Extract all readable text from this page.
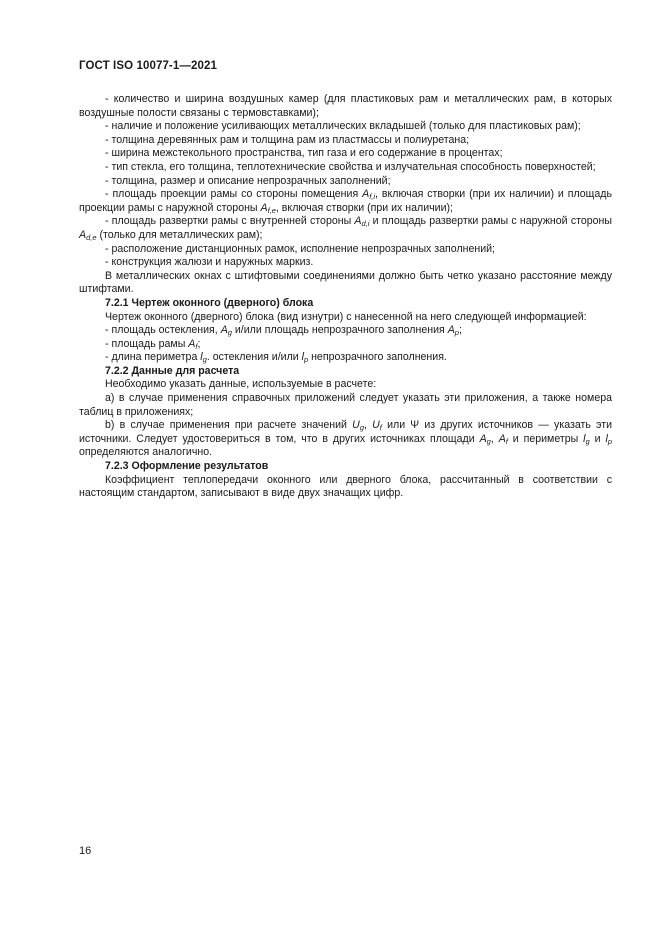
ГОСТ ISO 10077-1—2021

- количество и ширина воздушных камер (для пластиковых рам и металлических рам, в которых воздушные полости связаны с термовставками);

- наличие и положение усиливающих металлических вкладышей (только для пластиковых рам);

- толщина деревянных рам и толщина рам из пластмассы и полиуретана;

- ширина межстекольного пространства, тип газа и его содержание в процентах;

- тип стекла, его толщина, теплотехнические свойства и излучательная способность поверхностей;

- толщина, размер и описание непрозрачных заполнений;

- площадь проекции рамы со стороны помещения $A_{f,i}$, включая створки (при их наличии) и площадь проекции рамы с наружной стороны $A_{f,e}$, включая створки (при их наличии);

- площадь развертки рамы с внутренней стороны $A_{d,i}$ и площадь развертки рамы с наружной стороны $A_{d,e}$ (только для металлических рам);

- расположение дистанционных рамок, исполнение непрозрачных заполнений;

- конструкция жалюзи и наружных маркиз.

В металлических окнах с штифтовыми соединениями должно быть четко указано расстояние между штифтами.

7.2.1 Чертеж оконного (дверного) блока

Чертеж оконного (дверного) блока (вид изнутри) с нанесенной на него следующей информацией:

- площадь остекления, $A_g$ и/или площадь непрозрачного заполнения $A_p$;

- площадь рамы $A_f$;

- длина периметра $l_g$. остекления и/или $l_p$ непрозрачного заполнения.

7.2.2 Данные для расчета

Необходимо указать данные, используемые в расчете:

а) в случае применения справочных приложений следует указать эти приложения, а также номера таблиц в приложениях;

b) в случае применения при расчете значений $U_g$, $U_f$ или Ψ из других источников — указать эти источники. Следует удостовериться в том, что в других источниках площади $A_g$, $A_f$ и периметры $l_g$ и $l_p$ определяются аналогично.

7.2.3 Оформление результатов

Коэффициент теплопередачи оконного или дверного блока, рассчитанный в соответствии с настоящим стандартом, записывают в виде двух значащих цифр.

16
